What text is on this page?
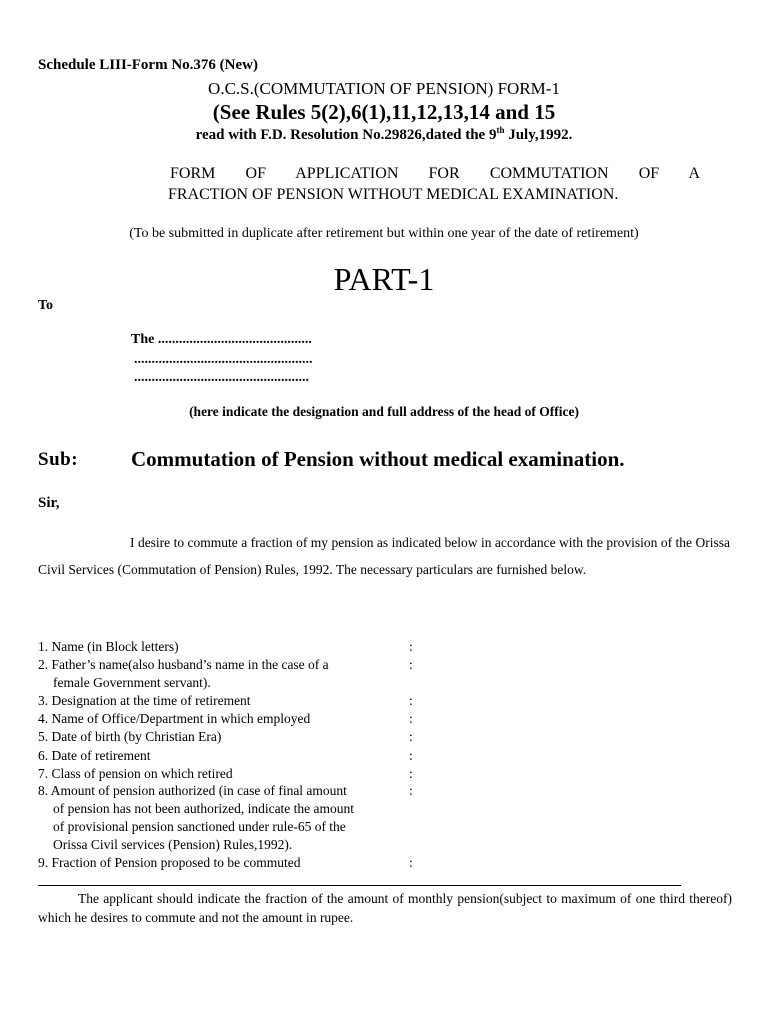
Schedule LIII-Form No.376 (New)
O.C.S.(COMMUTATION OF PENSION) FORM-1
(See Rules 5(2),6(1),11,12,13,14 and 15
read with F.D. Resolution No.29826,dated the 9th July,1992.
FORM OF APPLICATION FOR COMMUTATION OF A
FRACTION OF PENSION WITHOUT MEDICAL EXAMINATION.
(To be submitted in duplicate after retirement but within one year of the date of retirement)
PART-1
To
The ............................................
...................................................
..................................................
(here indicate the designation and full address of the head of Office)
Sub:	Commutation of Pension without medical examination.
Sir,
I desire to commute a fraction of my pension as indicated below in accordance with the provision of the Orissa Civil Services (Commutation of Pension) Rules, 1992. The necessary particulars are furnished below.
1. Name (in Block letters)	:
2. Father’s name(also husband’s name in the case of a	:
female Government servant).
3. Designation at the time of retirement	:
4. Name of Office/Department in which employed	:
5. Date of birth (by Christian Era)	:
6. Date of retirement	:
7. Class of pension on which retired	:
8. Amount of pension authorized (in case of final amount	:
of pension has not been authorized, indicate the amount
of provisional pension sanctioned under rule-65 of the
Orissa Civil services (Pension) Rules,1992).
9. Fraction of Pension proposed to be commuted	:
The applicant should indicate the fraction of the amount of monthly pension(subject to maximum of one third thereof) which he desires to commute and not the amount in rupee.
